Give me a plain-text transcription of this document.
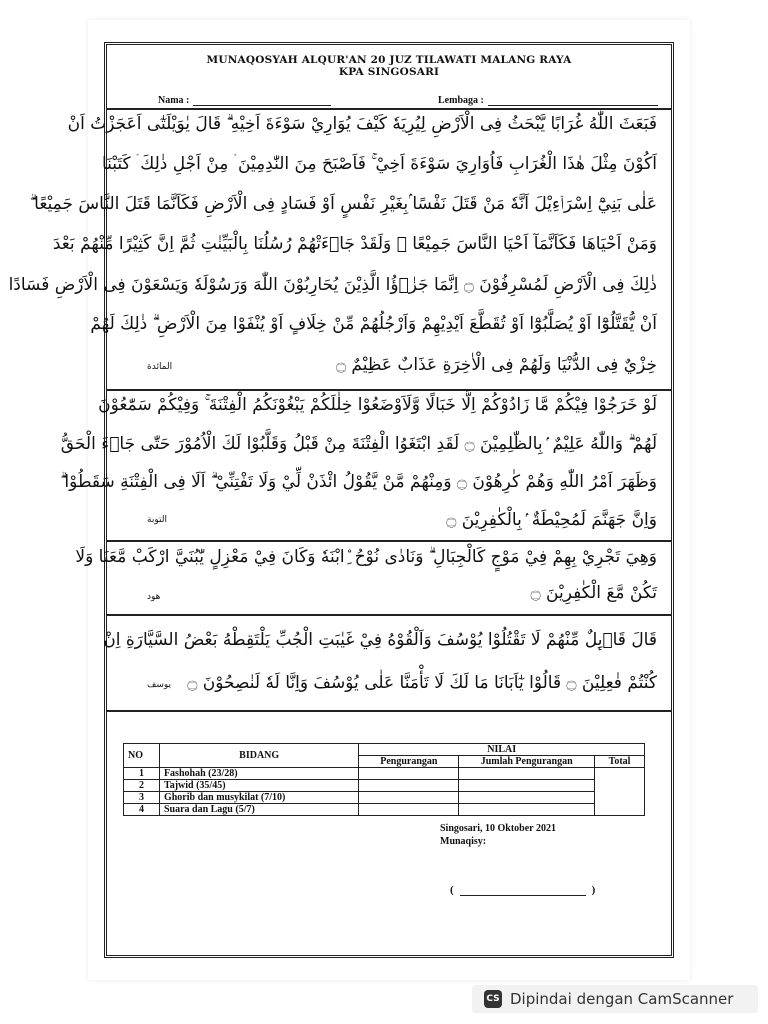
MUNAQOSYAH ALQUR'AN 20 JUZ TILAWATI MALANG RAYA
KPA SINGOSARI
Nama :	Lembaga :
فَبَعَثَ اللّٰهُ غُرَابًا يَّبْحَثُ فِى الْاَرْضِ لِيُرِيَهٗ كَيْفَ يُوَارِيْ سَوْءَةَ اَخِيْهِ ۗ قَالَ يٰوَيْلَتٰٓى اَعَجَزْتُ اَنْ
اَكُوْنَ مِثْلَ هٰذَا الْغُرَابِ فَاُوَارِيَ سَوْءَةَ اَخِيْ ۚ فَاَصْبَحَ مِنَ النّٰدِمِيْنَ ۛ مِنْ اَجْلِ ذٰلِكَ ۛ كَتَبْنَا
عَلٰى بَنِيْٓ اِسْرَاۤءِيْلَ اَنَّهٗ مَنْ قَتَلَ نَفْسًا ۢبِغَيْرِ نَفْسٍ اَوْ فَسَادٍ فِى الْاَرْضِ فَكَاَنَّمَا قَتَلَ النَّاسَ جَمِيْعًا ۗ
وَمَنْ اَحْيَاهَا فَكَاَنَّمَآ اَحْيَا النَّاسَ جَمِيْعًا ۗ وَلَقَدْ جَاۤءَتْهُمْ رُسُلُنَا بِالْبَيِّنٰتِ ثُمَّ اِنَّ كَثِيْرًا مِّنْهُمْ بَعْدَ
ذٰلِكَ فِى الْاَرْضِ لَمُسْرِفُوْنَ ۝ اِنَّمَا جَزٰۤؤُا الَّذِيْنَ يُحَارِبُوْنَ اللّٰهَ وَرَسُوْلَهٗ وَيَسْعَوْنَ فِى الْاَرْضِ فَسَادًا
اَنْ يُّقَتَّلُوْٓا اَوْ يُصَلَّبُوْٓا اَوْ تُقَطَّعَ اَيْدِيْهِمْ وَاَرْجُلُهُمْ مِّنْ خِلَافٍ اَوْ يُنْفَوْا مِنَ الْاَرْضِ ۗ ذٰلِكَ لَهُمْ
خِزْيٌ فِى الدُّنْيَا وَلَهُمْ فِى الْاٰخِرَةِ عَذَابٌ عَظِيْمٌ ۝
المائدة
لَوْ خَرَجُوْا فِيْكُمْ مَّا زَادُوْكُمْ اِلَّا خَبَالًا وَّلَاَوْضَعُوْا خِلٰلَكُمْ يَبْغُوْنَكُمُ الْفِتْنَةَ ۚ وَفِيْكُمْ سَمّٰعُوْنَ
لَهُمْ ۗ وَاللّٰهُ عَلِيْمٌ ۢبِالظّٰلِمِيْنَ ۝ لَقَدِ ابْتَغَوُا الْفِتْنَةَ مِنْ قَبْلُ وَقَلَّبُوْا لَكَ الْاُمُوْرَ حَتّٰى جَاۤءَ الْحَقُّ
وَظَهَرَ اَمْرُ اللّٰهِ وَهُمْ كٰرِهُوْنَ ۝ وَمِنْهُمْ مَّنْ يَّقُوْلُ ائْذَنْ لِّيْ وَلَا تَفْتِنِّيْ ۗ اَلَا فِى الْفِتْنَةِ سَقَطُوْا ۗ
وَاِنَّ جَهَنَّمَ لَمُحِيْطَةٌ ۢبِالْكٰفِرِيْنَ ۝
التوبة
وَهِيَ تَجْرِيْ بِهِمْ فِيْ مَوْجٍ كَالْجِبَالِ ۗ وَنَادٰى نُوْحُ ِۨابْنَهٗ وَكَانَ فِيْ مَعْزِلٍ يّٰبُنَيَّ ارْكَبْ مَّعَنَا وَلَا
تَكُنْ مَّعَ الْكٰفِرِيْنَ ۝
هود
قَالَ قَاۤىِٕلٌ مِّنْهُمْ لَا تَقْتُلُوْا يُوْسُفَ وَاَلْقُوْهُ فِيْ غَيٰبَتِ الْجُبِّ يَلْتَقِطْهُ بَعْضُ السَّيَّارَةِ اِنْ
كُنْتُمْ فٰعِلِيْنَ ۝ قَالُوْا يٰٓاَبَانَا مَا لَكَ لَا تَأْمَنَّا عَلٰى يُوْسُفَ وَاِنَّا لَهٗ لَنٰصِحُوْنَ ۝
يوسف
NO	BIDANG	NILAI		
		Pengurangan	Jumlah Pengurangan	Total
1	Fashohah (23/28)			
2	Tajwid (35/45)			
3	Ghorib dan musykilat (7/10)			
4	Suara dan Lagu (5/7)			
Singosari, 10 Oktober 2021
Munaqisy:
(	)
CS Dipindai dengan CamScanner
